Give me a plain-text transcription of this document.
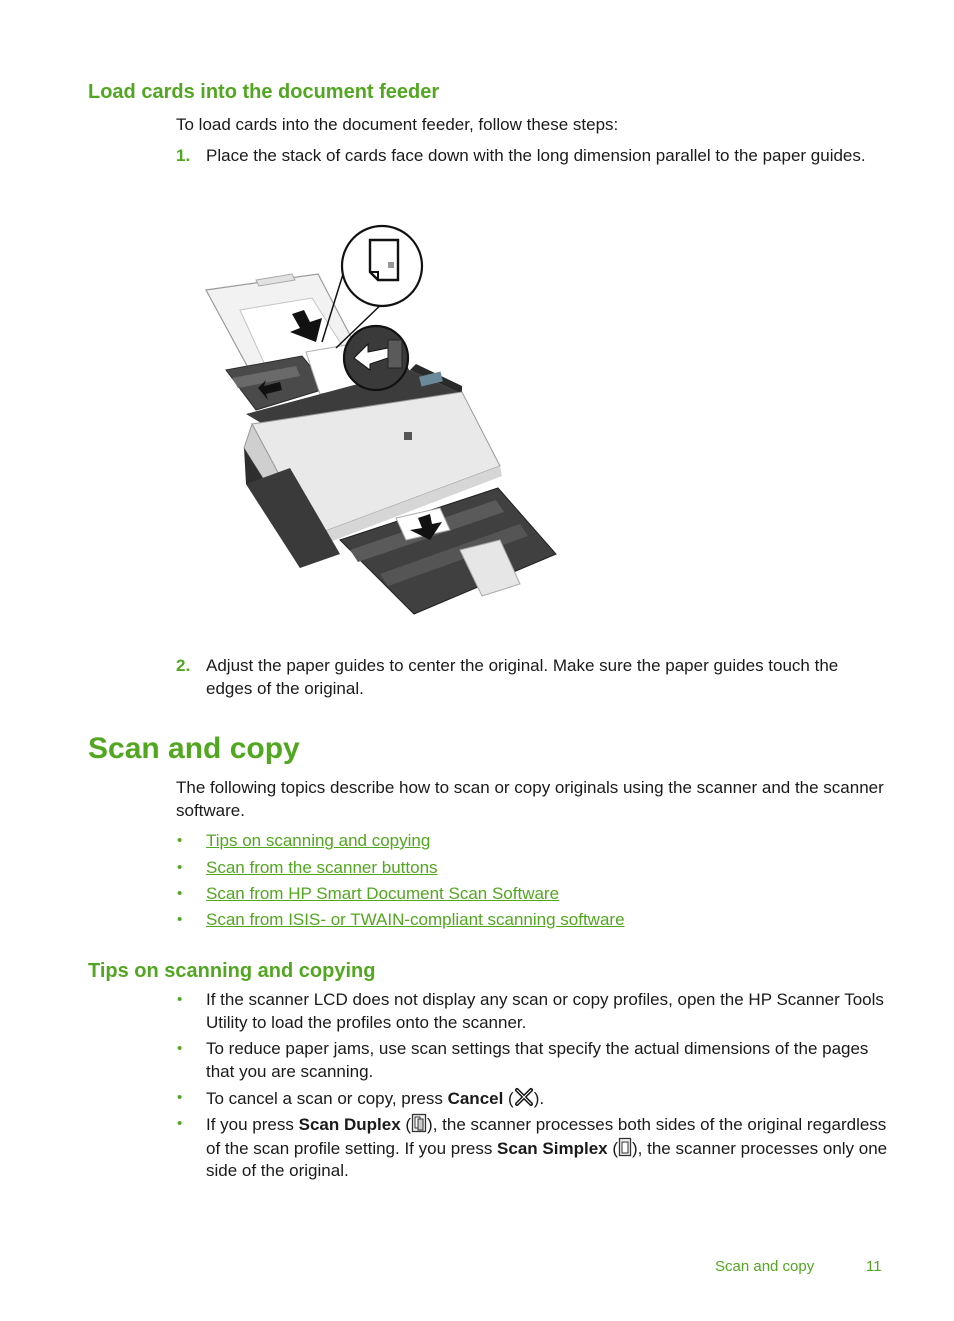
Load cards into the document feeder

To load cards into the document feeder, follow these steps:

1. Place the stack of cards face down with the long dimension parallel to the paper guides.
2. Adjust the paper guides to center the original. Make sure the paper guides touch the edges of the original.
Scan and copy

The following topics describe how to scan or copy originals using the scanner and the scanner software.

• Tips on scanning and copying
• Scan from the scanner buttons
• Scan from HP Smart Document Scan Software
• Scan from ISIS- or TWAIN-compliant scanning software
Tips on scanning and copying
• If the scanner LCD does not display any scan or copy profiles, open the HP Scanner Tools Utility to load the profiles onto the scanner.
• To reduce paper jams, use scan settings that specify the actual dimensions of the pages that you are scanning.
• To cancel a scan or copy, press Cancel ( ).
• If you press Scan Duplex ( ), the scanner processes both sides of the original regardless of the scan profile setting. If you press Scan Simplex ( ), the scanner processes only one side of the original.
Scan and copy	11
